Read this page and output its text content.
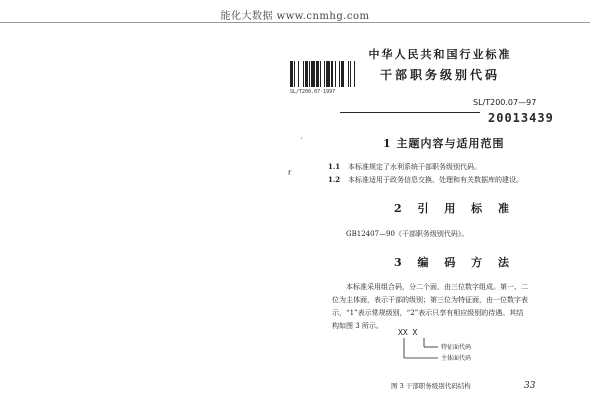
能化大数据 www.cnmhg.com
SL/T200.07-1997
中华人民共和国行业标准
干部职务级别代码
SL/T200.07—97
20013439
·
r
1 主题内容与适用范围
1.1 本标准规定了水利系统干部职务级别代码。
1.2 本标准适用于政务信息交换、处理和有关数据库的建设。
2 引 用 标 准
GB12407—90《干部职务级别代码》。
3 编 码 方 法
本标准采用组合码，分二个面，由三位数字组成。第一、二
位为主体面，表示干部的级别；第三位为特征面，由一位数字表
示，“1”表示常规级别，“2”表示只享有相应级别的待遇。其结
构如图 3 所示。
XX X
特征面代码
主体面代码
图 3 干部职务级别代码结构	33
